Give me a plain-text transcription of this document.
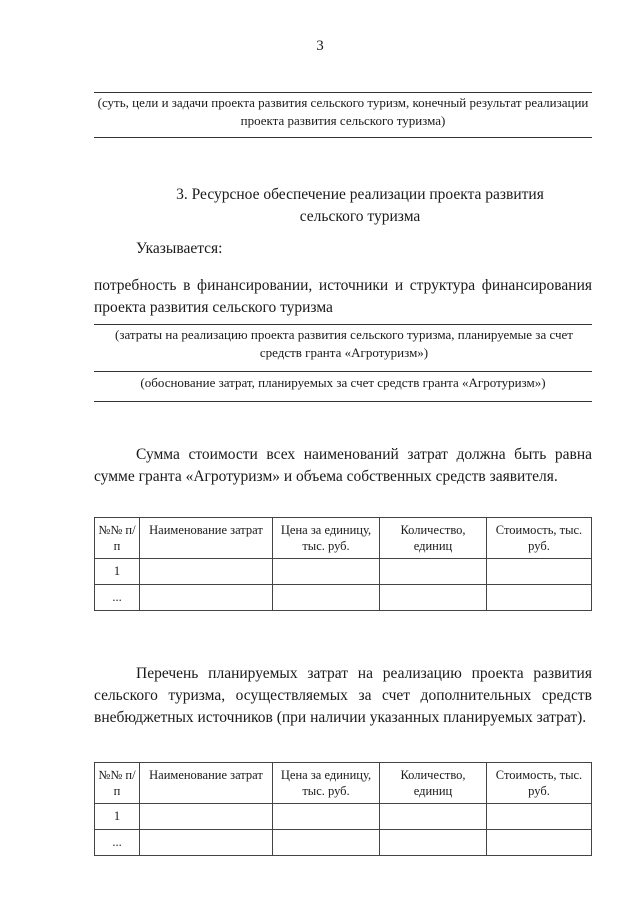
3
(суть, цели и задачи проекта развития сельского туризм, конечный результат реализации проекта развития сельского туризма)
3. Ресурсное обеспечение реализации проекта развития сельского туризма
Указывается:
потребность в финансировании, источники и структура финансирования проекта развития сельского туризма
(затраты на реализацию проекта развития сельского туризма, планируемые за счет средств гранта «Агротуризм»)
(обоснование затрат, планируемых за счет средств гранта «Агротуризм»)
Сумма стоимости всех наименований затрат должна быть равна сумме гранта «Агротуризм» и объема собственных средств заявителя.
№№ п/п	Наименование затрат	Цена за единицу, тыс. руб.	Количество, единиц	Стоимость, тыс. руб.
1				
...				
Перечень планируемых затрат на реализацию проекта развития сельского туризма, осуществляемых за счет дополнительных средств внебюджетных источников (при наличии указанных планируемых затрат).
№№ п/п	Наименование затрат	Цена за единицу, тыс. руб.	Количество, единиц	Стоимость, тыс. руб.
1				
...				
